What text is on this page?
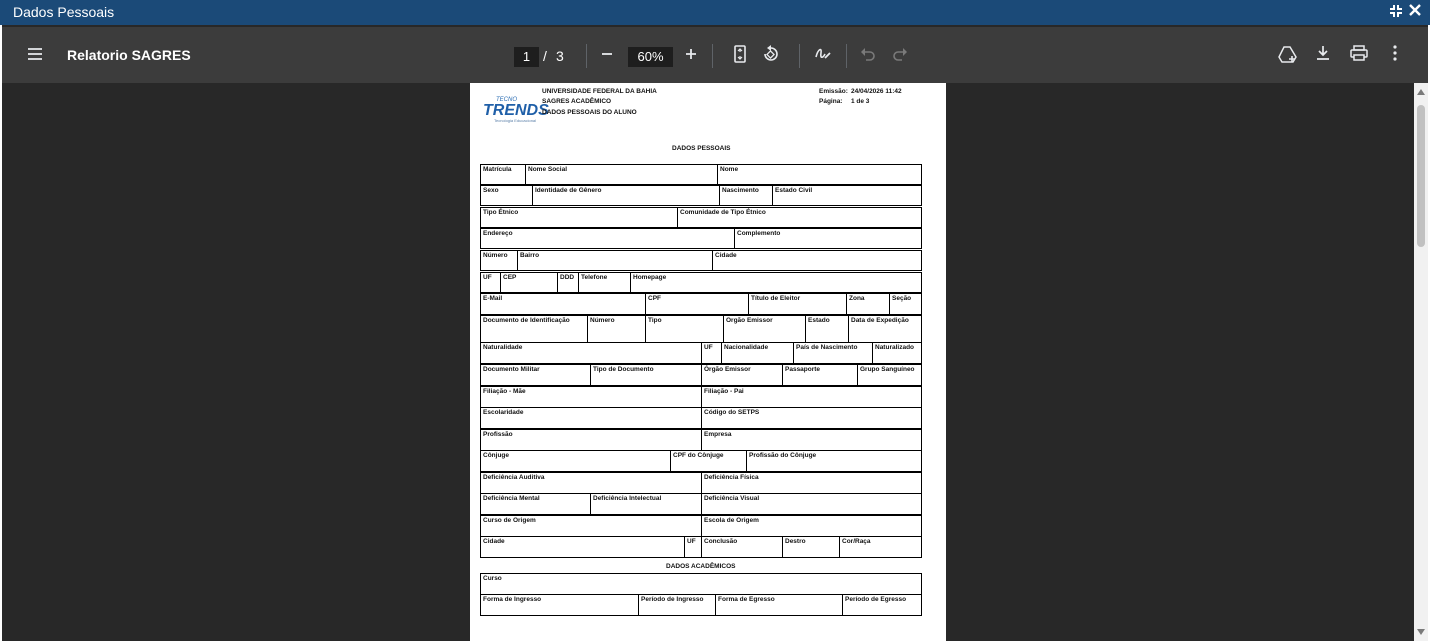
Dados Pessoais
Relatorio SAGRES	1 / 3	60%
TECNO
TRENDS
Tecnologia Educacional
UNIVERSIDADE FEDERAL DA BAHIA
SAGRES ACADÊMICO
DADOS PESSOAIS DO ALUNO
Emissão: 24/04/2026 11:42
Página: 1 de 3
DADOS PESSOAIS
Matrícula	Nome Social	Nome
Sexo	Identidade de Gênero	Nascimento	Estado Civil
Tipo Étnico	Comunidade de Tipo Étnico
Endereço	Complemento
Número	Bairro	Cidade
UF	CEP	DDD	Telefone	Homepage
E-Mail	CPF	Título de Eleitor	Zona	Seção
Documento de Identificação	Número	Tipo	Orgão Emissor	Estado	Data de Expedição
Naturalidade	UF	Nacionalidade	País de Nascimento	Naturalizado
Documento Militar	Tipo de Documento	Órgão Emissor	Passaporte	Grupo Sanguíneo
Filiação - Mãe	Filiação - Pai
Escolaridade	Código do SETPS
Profissão	Empresa
Cônjuge	CPF do Cônjuge	Profissão do Cônjuge
Deficiência Auditiva	Deficiência Física
Deficiência Mental	Deficiência Intelectual	Deficiência Visual
Curso de Origem	Escola de Origem
Cidade	UF	Conclusão	Destro	Cor/Raça
DADOS ACADÊMICOS
Curso
Forma de Ingresso	Período de Ingresso	Forma de Egresso	Período de Egresso
